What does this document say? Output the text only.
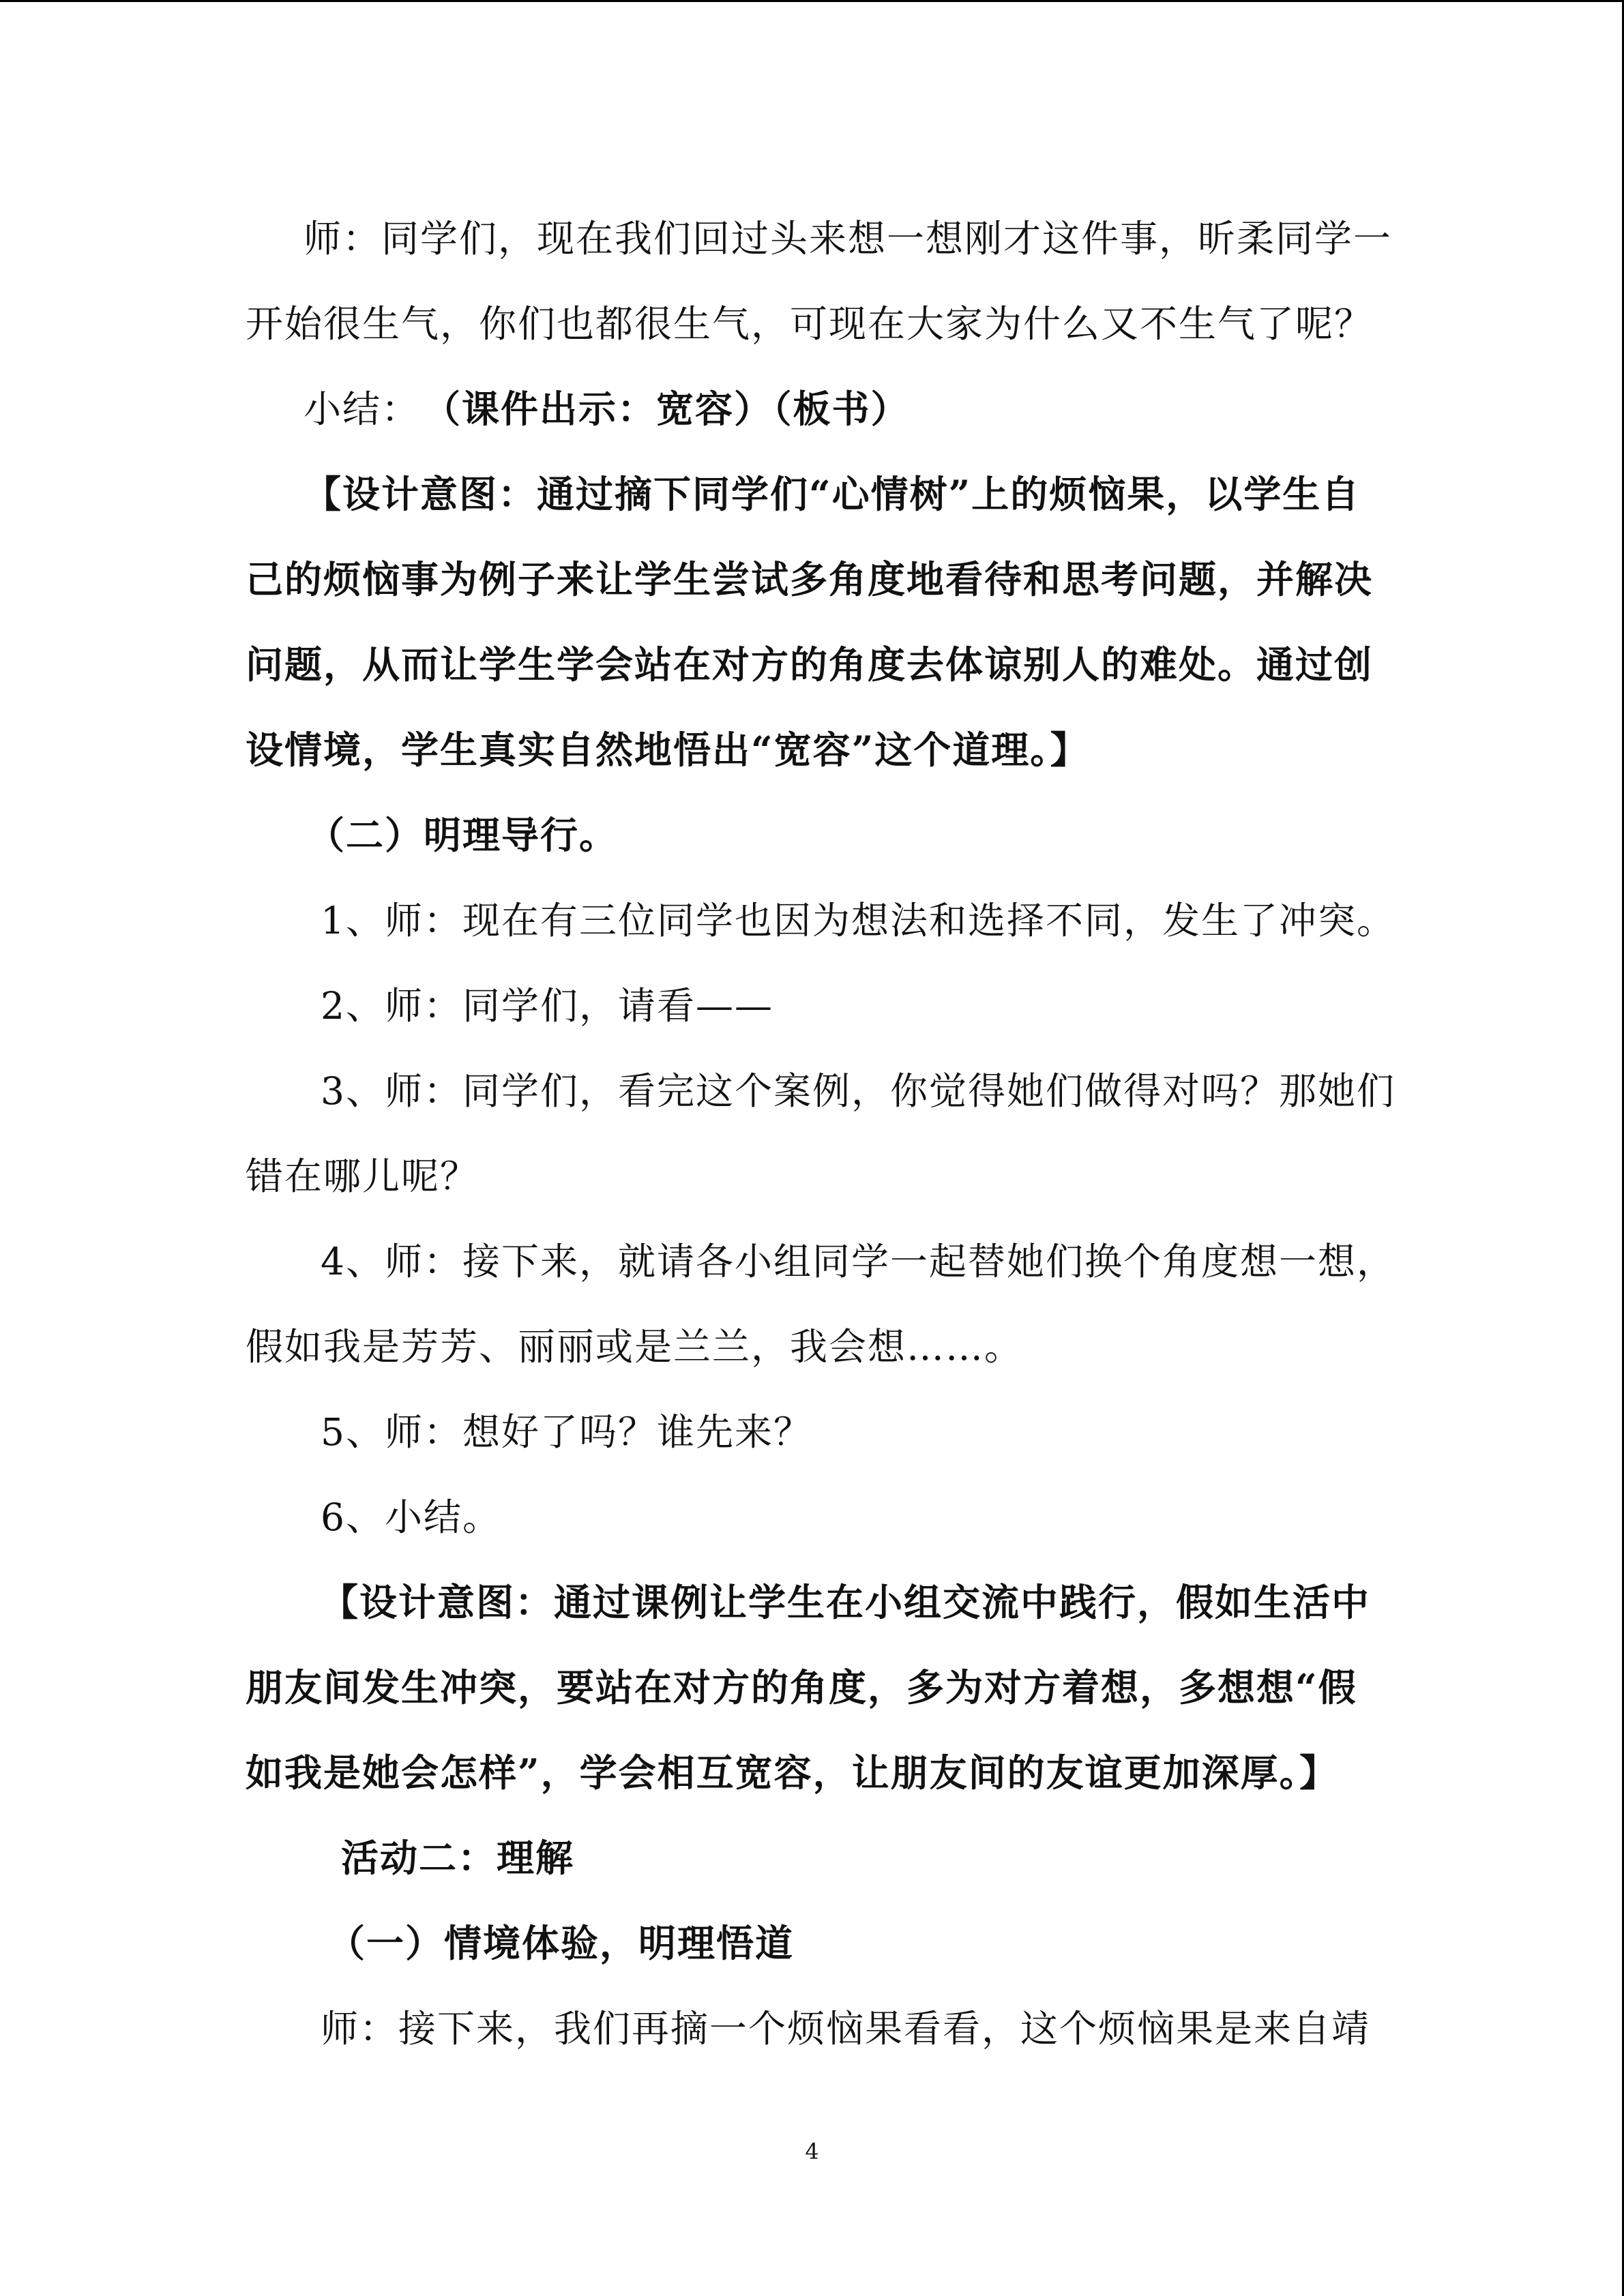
师：同学们，现在我们回过头来想一想刚才这件事，昕柔同学一
开始很生气，你们也都很生气，可现在大家为什么又不生气了呢？
小结： （课件出示：宽容）（板书）
【设计意图：通过摘下同学们“心情树”上的烦恼果，以学生自
己的烦恼事为例子来让学生尝试多角度地看待和思考问题，并解决
问题，从而让学生学会站在对方的角度去体谅别人的难处。通过创
设情境，学生真实自然地悟出“宽容”这个道理。】
（二）明理导行。
1、师：现在有三位同学也因为想法和选择不同，发生了冲突。
2、师：同学们，请看——
3、师：同学们，看完这个案例，你觉得她们做得对吗？那她们
错在哪儿呢？
4、师：接下来，就请各小组同学一起替她们换个角度想一想，
假如我是芳芳、丽丽或是兰兰，我会想……。
5、师：想好了吗？谁先来？
6、小结。
【设计意图：通过课例让学生在小组交流中践行，假如生活中
朋友间发生冲突，要站在对方的角度，多为对方着想，多想想“假
如我是她会怎样”，学会相互宽容，让朋友间的友谊更加深厚。】
活动二：理解
（一）情境体验，明理悟道
师：接下来，我们再摘一个烦恼果看看，这个烦恼果是来自靖
4
